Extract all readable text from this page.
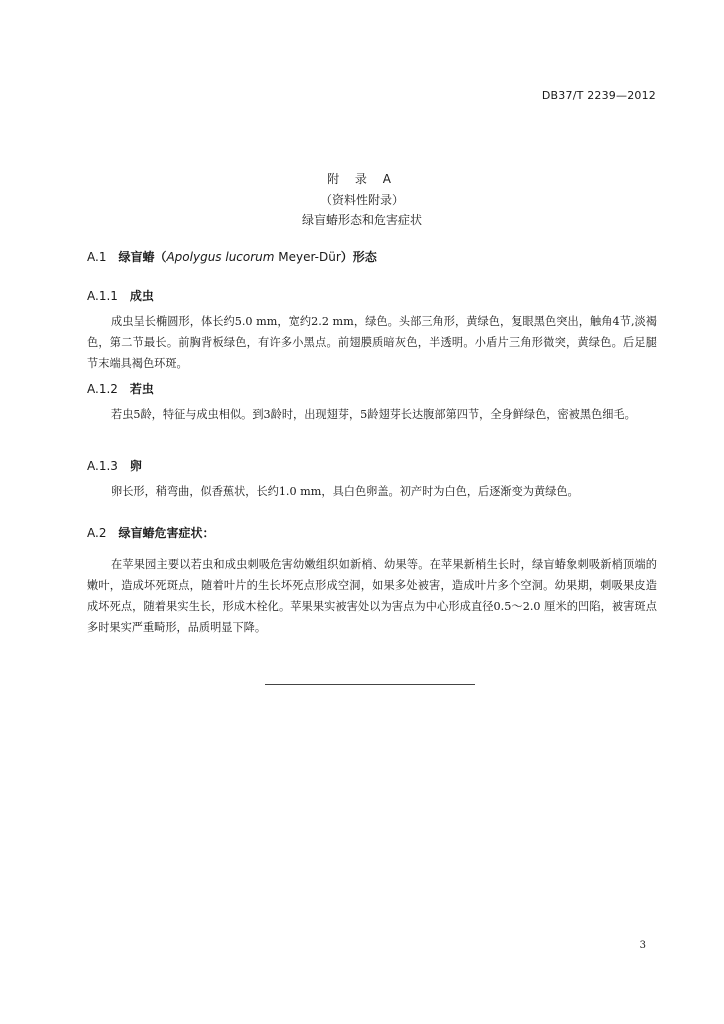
DB37/T 2239—2012
附 录 A
（资料性附录）
绿盲蝽形态和危害症状
A.1 绿盲蝽（Apolygus lucorum Meyer-Dür）形态
A.1.1 成虫

成虫呈长椭圆形，体长约5.0 mm，宽约2.2 mm，绿色。头部三角形，黄绿色，复眼黑色突出，触角4节,淡褐色，第二节最长。前胸背板绿色，有许多小黑点。前翅膜质暗灰色，半透明。小盾片三角形微突，黄绿色。后足腿节末端具褐色环斑。

A.1.2 若虫

若虫5龄，特征与成虫相似。到3龄时，出现翅芽，5龄翅芽长达腹部第四节，全身鲜绿色，密被黑色细毛。

A.1.3 卵

卵长形，稍弯曲，似香蕉状，长约1.0 mm，具白色卵盖。初产时为白色，后逐渐变为黄绿色。

A.2 绿盲蝽危害症状：

在苹果园主要以若虫和成虫刺吸危害幼嫩组织如新梢、幼果等。在苹果新梢生长时，绿盲蝽象刺吸新梢顶端的嫩叶，造成坏死斑点，随着叶片的生长坏死点形成空洞，如果多处被害，造成叶片多个空洞。幼果期，刺吸果皮造成坏死点，随着果实生长，形成木栓化。苹果果实被害处以为害点为中心形成直径0.5～2.0 厘米的凹陷，被害斑点多时果实严重畸形，品质明显下降。

3
